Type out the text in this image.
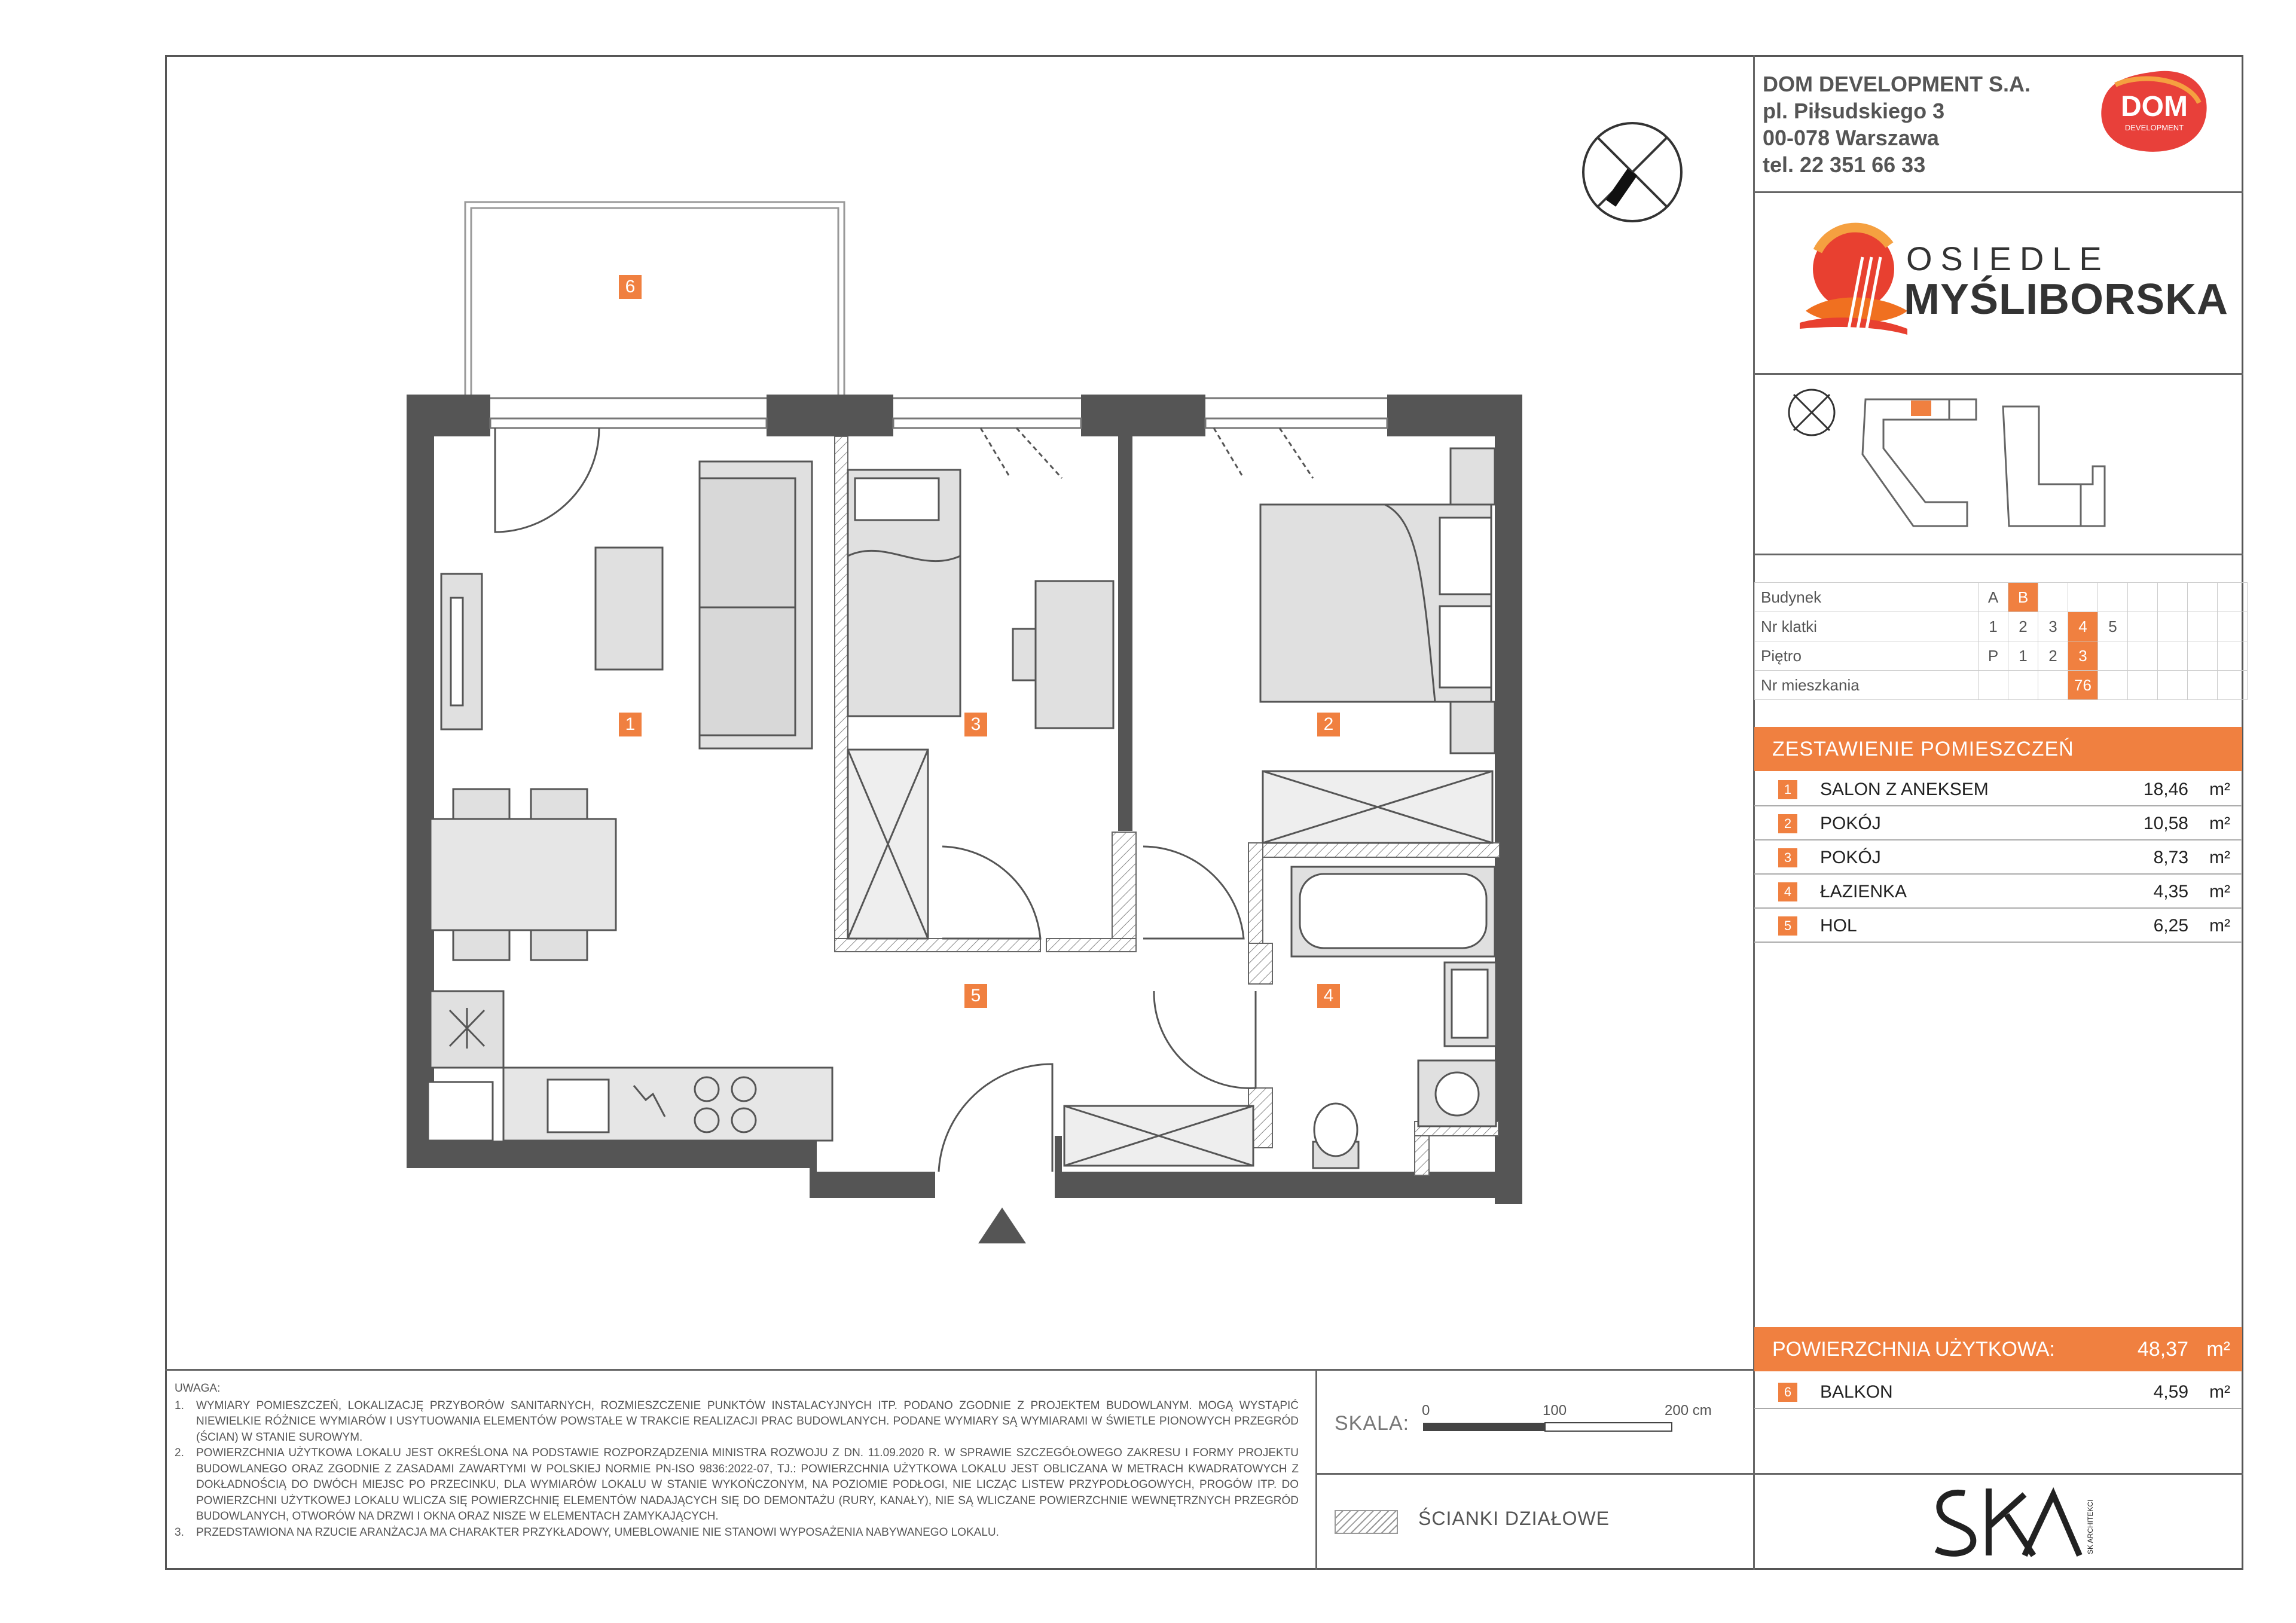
DOM DEVELOPMENT S.A.
pl. Piłsudskiego 3
00-078 Warszawa
tel. 22 351 66 33
DOM
DEVELOPMENT
OSIEDLE
MYŚLIBORSKA
Budynek	A	B							
Nr klatki	1	2	3	4	5				
Piętro	P	1	2	3					
Nr mieszkania				76					
ZESTAWIENIE POMIESZCZEŃ
1	SALON Z ANEKSEM	18,46 m²
2	POKÓJ	10,58 m²
3	POKÓJ	8,73 m²
4	ŁAZIENKA	4,35 m²
5	HOL	6,25 m²
POWIERZCHNIA UŻYTKOWA:	48,37 m²
6	BALKON	4,59 m²
UWAGA:
1. WYMIARY POMIESZCZEŃ, LOKALIZACJĘ PRZYBORÓW SANITARNYCH, ROZMIESZCZENIE PUNKTÓW INSTALACYJNYCH ITP. PODANO ZGODNIE Z PROJEKTEM BUDOWLANYM. MOGĄ WYSTĄPIĆ NIEWIELKIE RÓŻNICE WYMIARÓW I USYTUOWANIA ELEMENTÓW POWSTAŁE W TRAKCIE REALIZACJI PRAC BUDOWLANYCH. PODANE WYMIARY SĄ WYMIARAMI W ŚWIETLE PIONOWYCH PRZEGRÓD (ŚCIAN) W STANIE SUROWYM.
2. POWIERZCHNIA UŻYTKOWA LOKALU JEST OKREŚLONA NA PODSTAWIE ROZPORZĄDZENIA MINISTRA ROZWOJU Z DN. 11.09.2020 R. W SPRAWIE SZCZEGÓŁOWEGO ZAKRESU I FORMY PROJEKTU BUDOWLANEGO ORAZ ZGODNIE Z ZASADAMI ZAWARTYMI W POLSKIEJ NORMIE PN-ISO 9836:2022-07, TJ.: POWIERZCHNIA UŻYTKOWA LOKALU JEST OBLICZANA W METRACH KWADRATOWYCH Z DOKŁADNOŚCIĄ DO DWÓCH MIEJSC PO PRZECINKU, DLA WYMIARÓW LOKALU W STANIE WYKOŃCZONYM, NA POZIOMIE PODŁOGI, NIE LICZĄC LISTEW PRZYPODŁOGOWYCH, PROGÓW ITP. DO POWIERZCHNI UŻYTKOWEJ LOKALU WLICZA SIĘ POWIERZCHNIĘ ELEMENTÓW NADAJĄCYCH SIĘ DO DEMONTAŻU (RURY, KANAŁY), NIE SĄ WLICZANE POWIERZCHNIE WEWNĘTRZNYCH PRZEGRÓD BUDOWLANYCH, OTWORÓW NA DRZWI I OKNA ORAZ NISZE W ELEMENTACH ZAMYKAJĄCYCH.
3. PRZEDSTAWIONA NA RZUCIE ARANŻACJA MA CHARAKTER PRZYKŁADOWY, UMEBLOWANIE NIE STANOWI WYPOSAŻENIA NABYWANEGO LOKALU.
SKALA:
0	100	200 cm
ŚCIANKI DZIAŁOWE	SK ARCHITEKCI
6
1	2
3
4
5
